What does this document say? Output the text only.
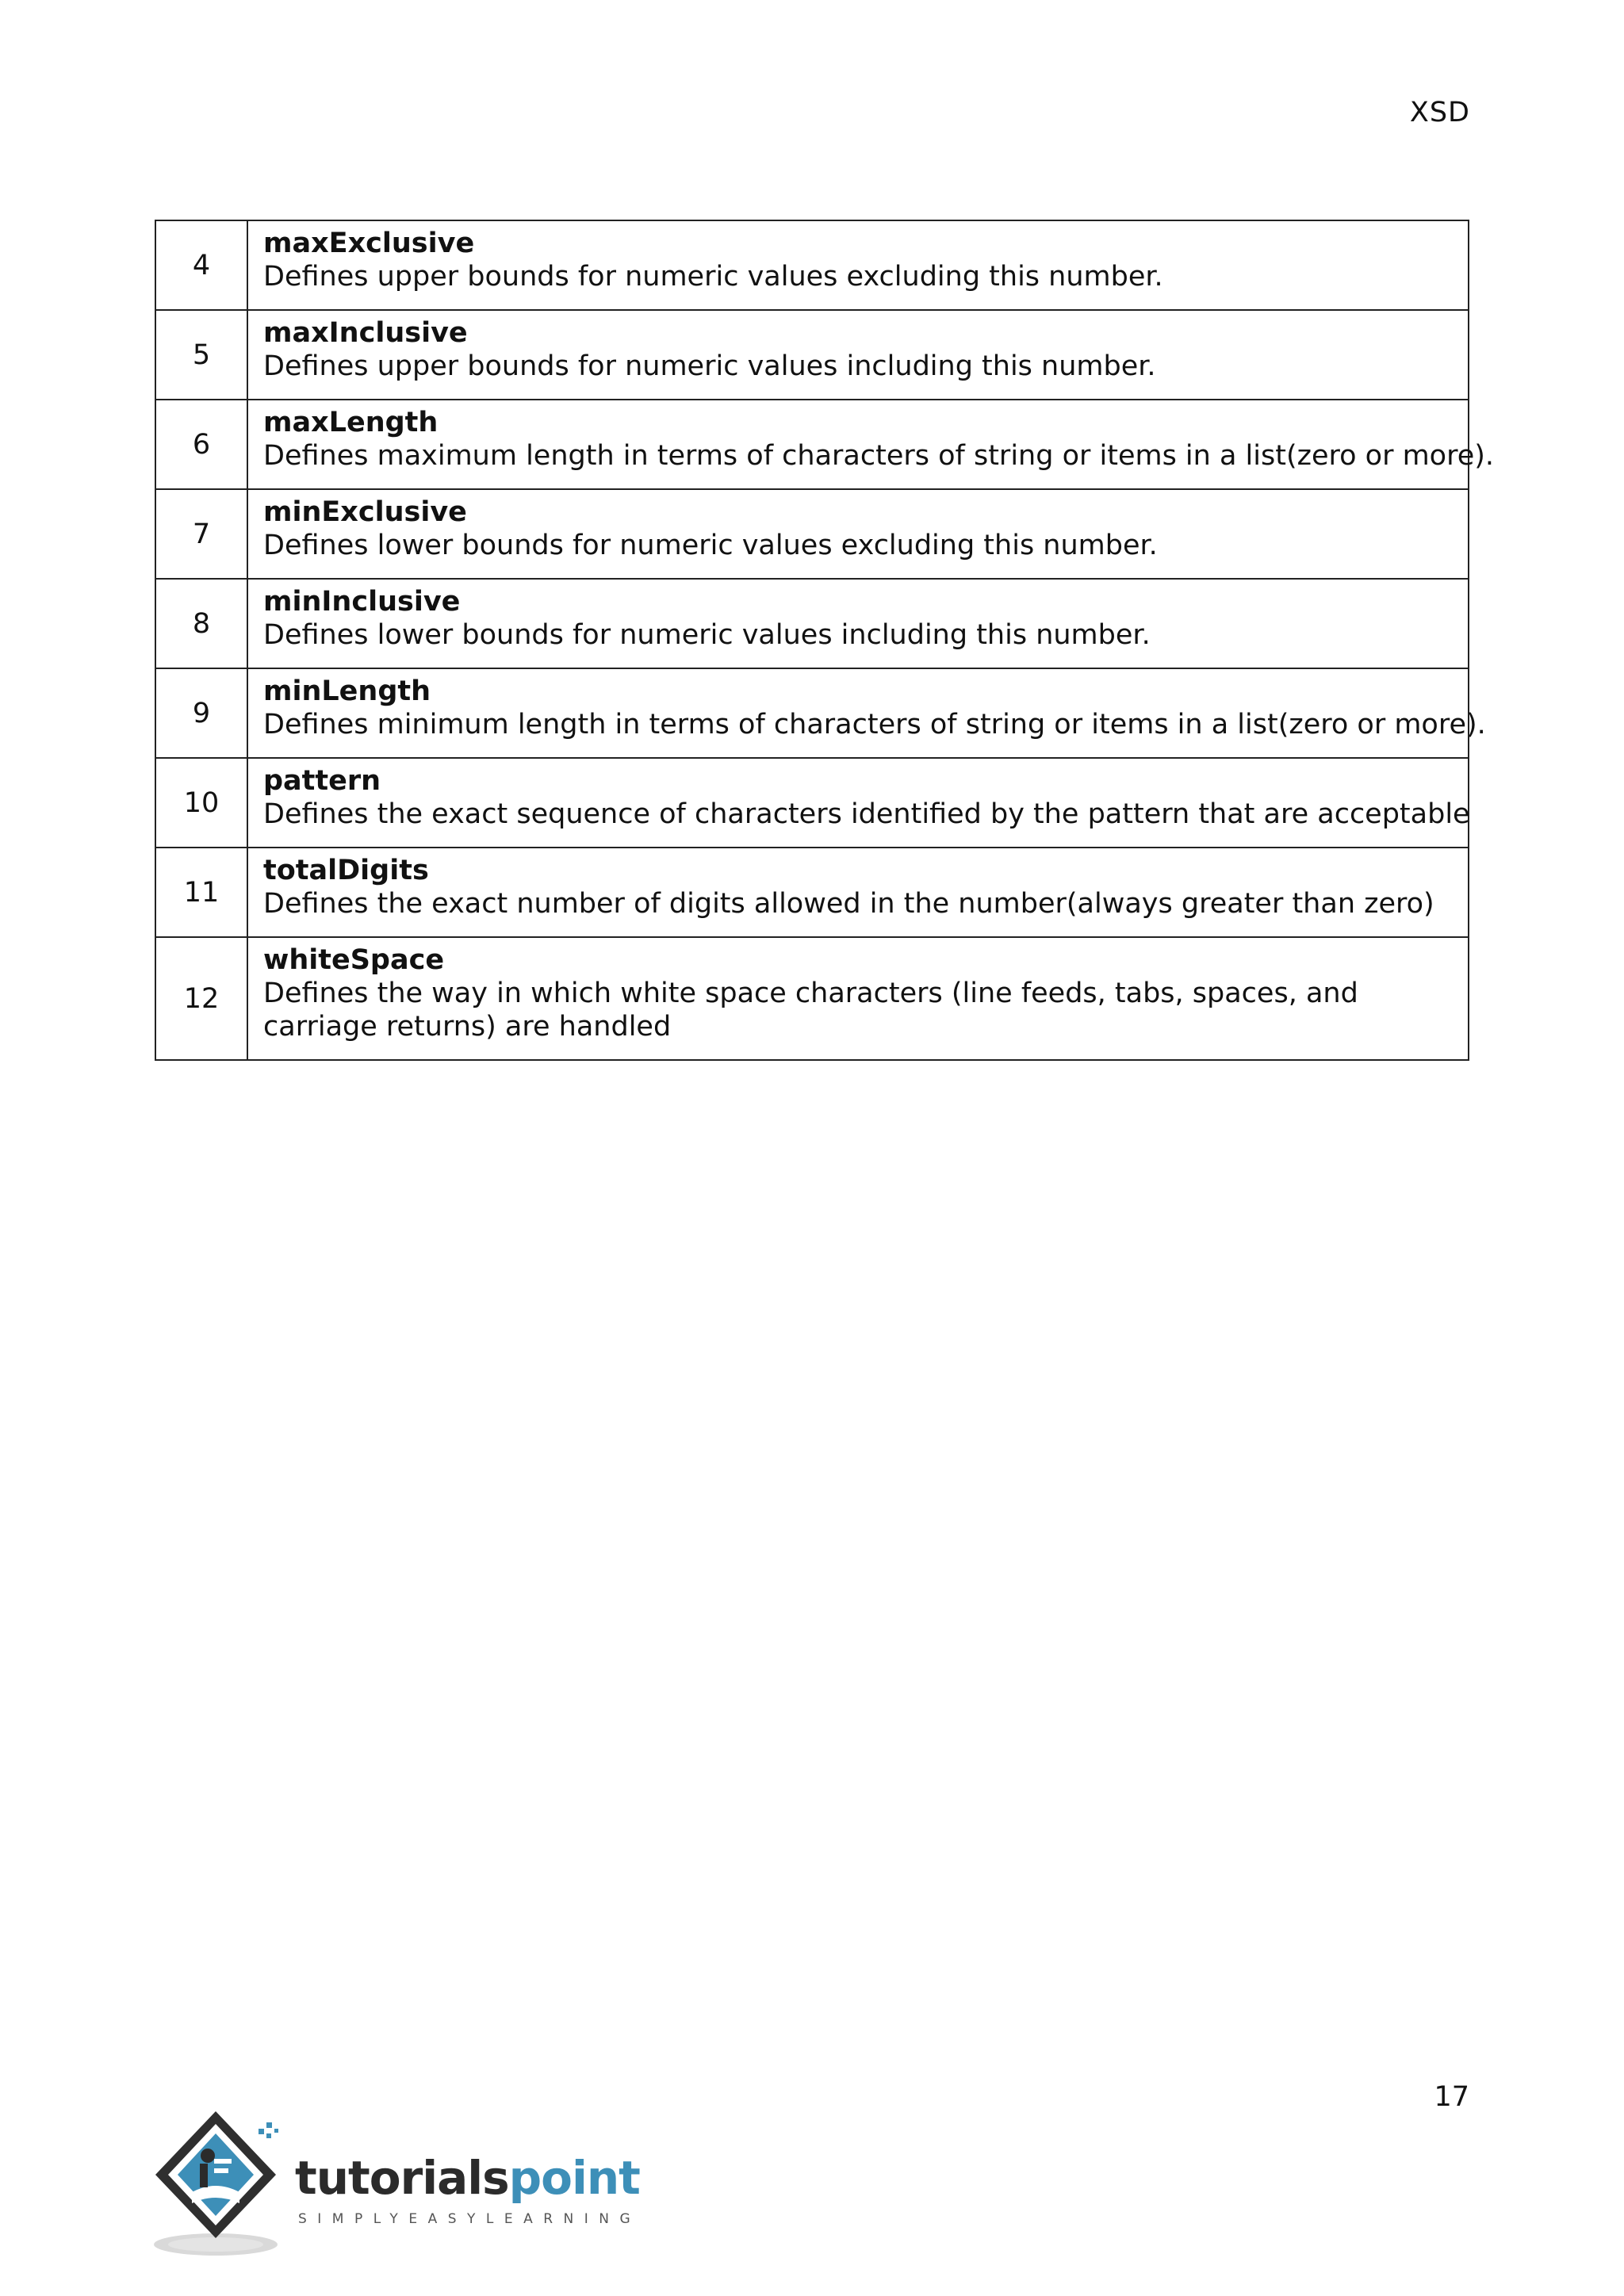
XSD
4	maxExclusive
Defines upper bounds for numeric values excluding this number.

5	maxInclusive
Defines upper bounds for numeric values including this number.

6	maxLength
Defines maximum length in terms of characters of string or items in a list(zero or more).

7	minExclusive
Defines lower bounds for numeric values excluding this number.

8	minInclusive
Defines lower bounds for numeric values including this number.

9	minLength
Defines minimum length in terms of characters of string or items in a list(zero or more).

10	pattern
Defines the exact sequence of characters identified by the pattern that are acceptable

11	totalDigits
Defines the exact number of digits allowed in the number(always greater than zero)

12	whiteSpace
Defines the way in which white space characters (line feeds, tabs, spaces, and carriage returns) are handled
17
tutorialspoint
SIMPLYEASYLEARNING
